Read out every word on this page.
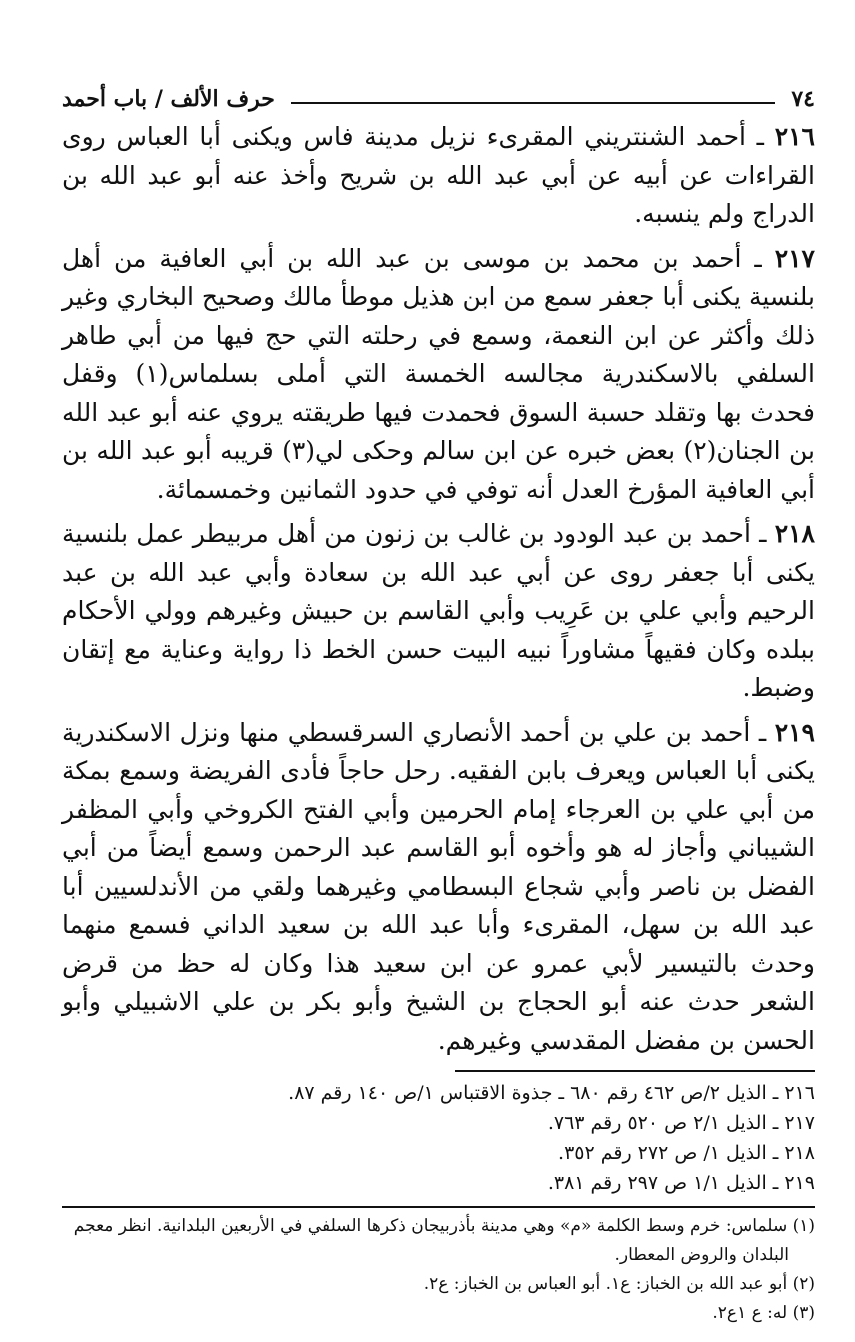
٧٤
حرف الألف / باب أحمد

٢١٦ ـ أحمد الشنتريني المقرىء نزيل مدينة فاس ويكنى أبا العباس روى القراءات عن أبيه عن أبي عبد الله بن شريح وأخذ عنه أبو عبد الله بن الدراج ولم ينسبه.

٢١٧ ـ أحمد بن محمد بن موسى بن عبد الله بن أبي العافية من أهل بلنسية يكنى أبا جعفر سمع من ابن هذيل موطأ مالك وصحيح البخاري وغير ذلك وأكثر عن ابن النعمة، وسمع في رحلته التي حج فيها من أبي طاهر السلفي بالاسكندرية مجالسه الخمسة التي أملى بسلماس(١) وقفل فحدث بها وتقلد حسبة السوق فحمدت فيها طريقته يروي عنه أبو عبد الله بن الجنان(٢) بعض خبره عن ابن سالم وحكى لي(٣) قريبه أبو عبد الله بن أبي العافية المؤرخ العدل أنه توفي في حدود الثمانين وخمسمائة.

٢١٨ ـ أحمد بن عبد الودود بن غالب بن زنون من أهل مربيطر عمل بلنسية يكنى أبا جعفر روى عن أبي عبد الله بن سعادة وأبي عبد الله بن عبد الرحيم وأبي علي بن عَرِيب وأبي القاسم بن حبيش وغيرهم وولي الأحكام ببلده وكان فقيهاً مشاوراً نبيه البيت حسن الخط ذا رواية وعناية مع إتقان وضبط.

٢١٩ ـ أحمد بن علي بن أحمد الأنصاري السرقسطي منها ونزل الاسكندرية يكنى أبا العباس ويعرف بابن الفقيه. رحل حاجاً فأدى الفريضة وسمع بمكة من أبي علي بن العرجاء إمام الحرمين وأبي الفتح الكروخي وأبي المظفر الشيباني وأجاز له هو وأخوه أبو القاسم عبد الرحمن وسمع أيضاً من أبي الفضل بن ناصر وأبي شجاع البسطامي وغيرهما ولقي من الأندلسيين أبا عبد الله بن سهل، المقرىء وأبا عبد الله بن سعيد الداني فسمع منهما وحدث بالتيسير لأبي عمرو عن ابن سعيد هذا وكان له حظ من قرض الشعر حدث عنه أبو الحجاج بن الشيخ وأبو بكر بن علي الاشبيلي وأبو الحسن بن مفضل المقدسي وغيرهم.

٢١٦ ـ الذيل ٢/ص ٤٦٢ رقم ٦٨٠ ـ جذوة الاقتباس ١/ص ١٤٠ رقم ٨٧.
٢١٧ ـ الذيل ٢/١ ص ٥٢٠ رقم ٧٦٣.
٢١٨ ـ الذيل ١/ ص ٢٧٢ رقم ٣٥٢.
٢١٩ ـ الذيل ١/١ ص ٢٩٧ رقم ٣٨١.
(١) سلماس: خرم وسط الكلمة «م» وهي مدينة بأذربيجان ذكرها السلفي في الأربعين البلدانية. انظر معجم
البلدان والروض المعطار.
(٢) أبو عبد الله بن الخباز: ع١. أبو العباس بن الخباز: ع٢.
(٣) له: ع ١ع٢.
